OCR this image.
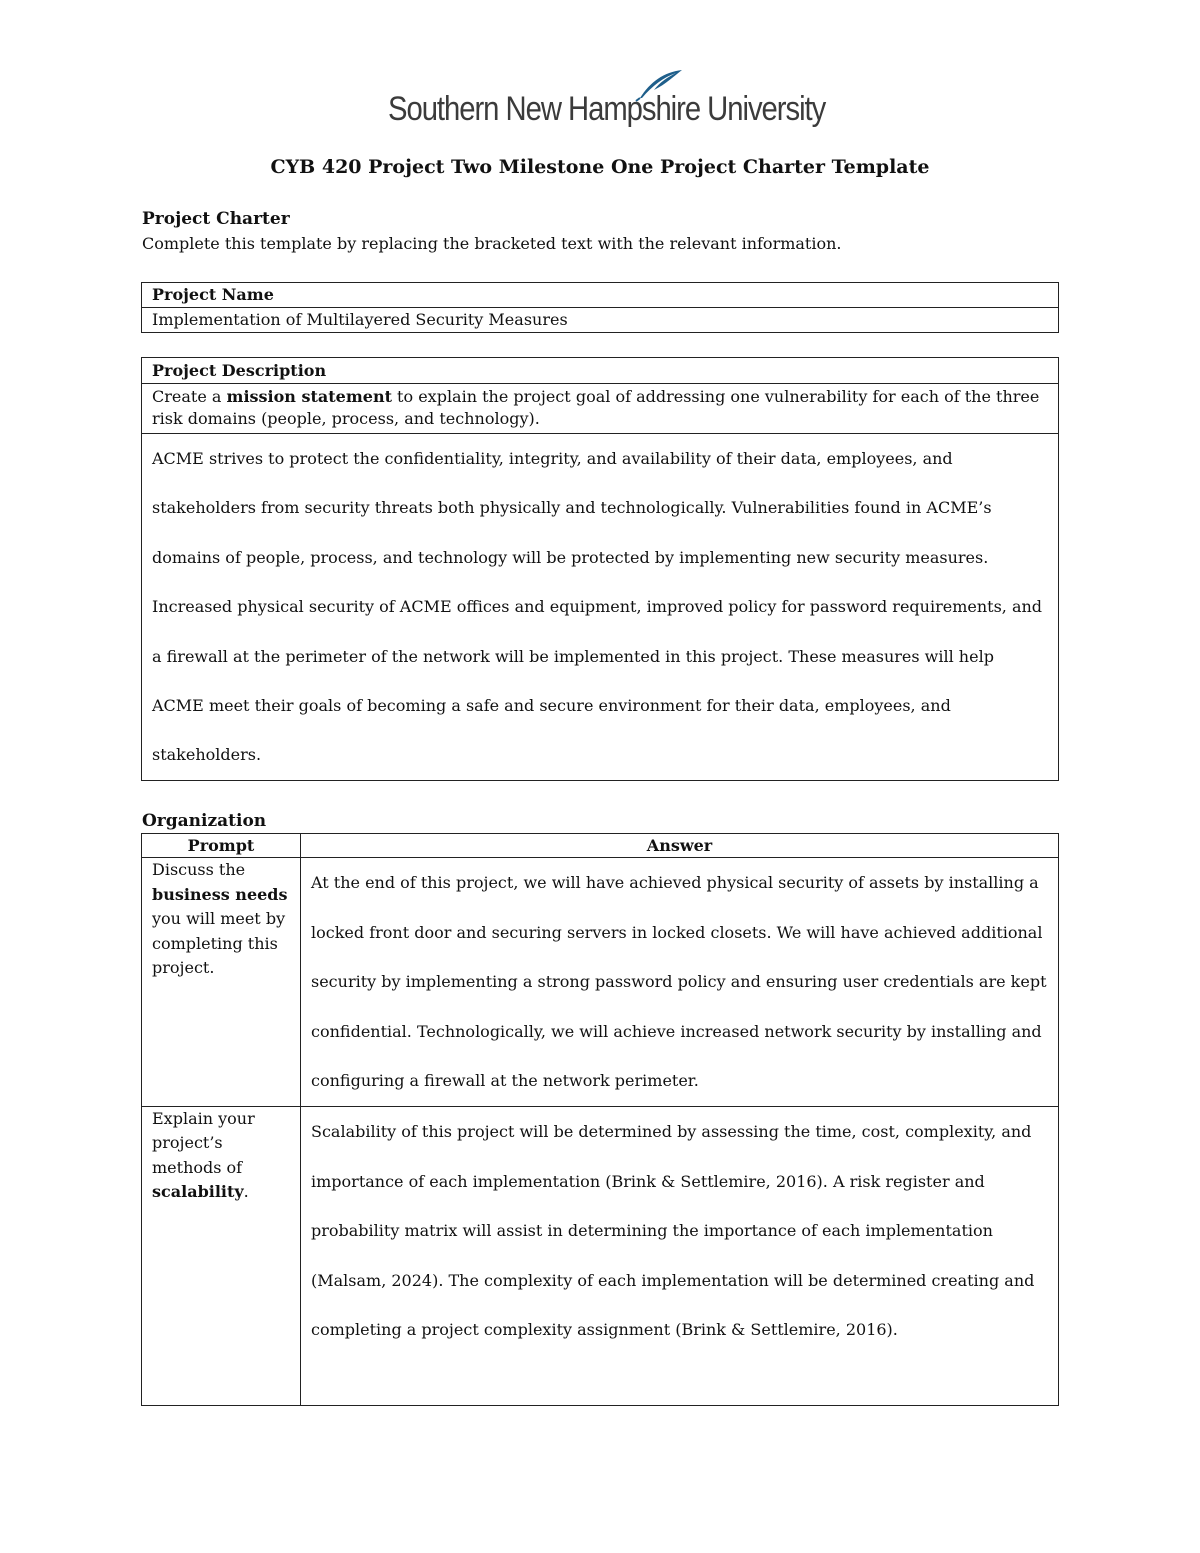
Southern New Hampshire University
CYB 420 Project Two Milestone One Project Charter Template
Project Charter
Complete this template by replacing the bracketed text with the relevant information.
Project Name
Implementation of Multilayered Security Measures
Project Description
Create a mission statement to explain the project goal of addressing one vulnerability for each of the three risk domains (people, process, and technology).
ACME strives to protect the confidentiality, integrity, and availability of their data, employees, and stakeholders from security threats both physically and technologically. Vulnerabilities found in ACME’s domains of people, process, and technology will be protected by implementing new security measures. Increased physical security of ACME offices and equipment, improved policy for password requirements, and a firewall at the perimeter of the network will be implemented in this project. These measures will help ACME meet their goals of becoming a safe and secure environment for their data, employees, and stakeholders.
Organization
Prompt	Answer
Discuss the business needs you will meet by completing this project.	At the end of this project, we will have achieved physical security of assets by installing a locked front door and securing servers in locked closets. We will have achieved additional security by implementing a strong password policy and ensuring user credentials are kept confidential. Technologically, we will achieve increased network security by installing and configuring a firewall at the network perimeter.
Explain your project’s methods of scalability.	Scalability of this project will be determined by assessing the time, cost, complexity, and importance of each implementation (Brink & Settlemire, 2016). A risk register and probability matrix will assist in determining the importance of each implementation (Malsam, 2024). The complexity of each implementation will be determined creating and completing a project complexity assignment (Brink & Settlemire, 2016).
